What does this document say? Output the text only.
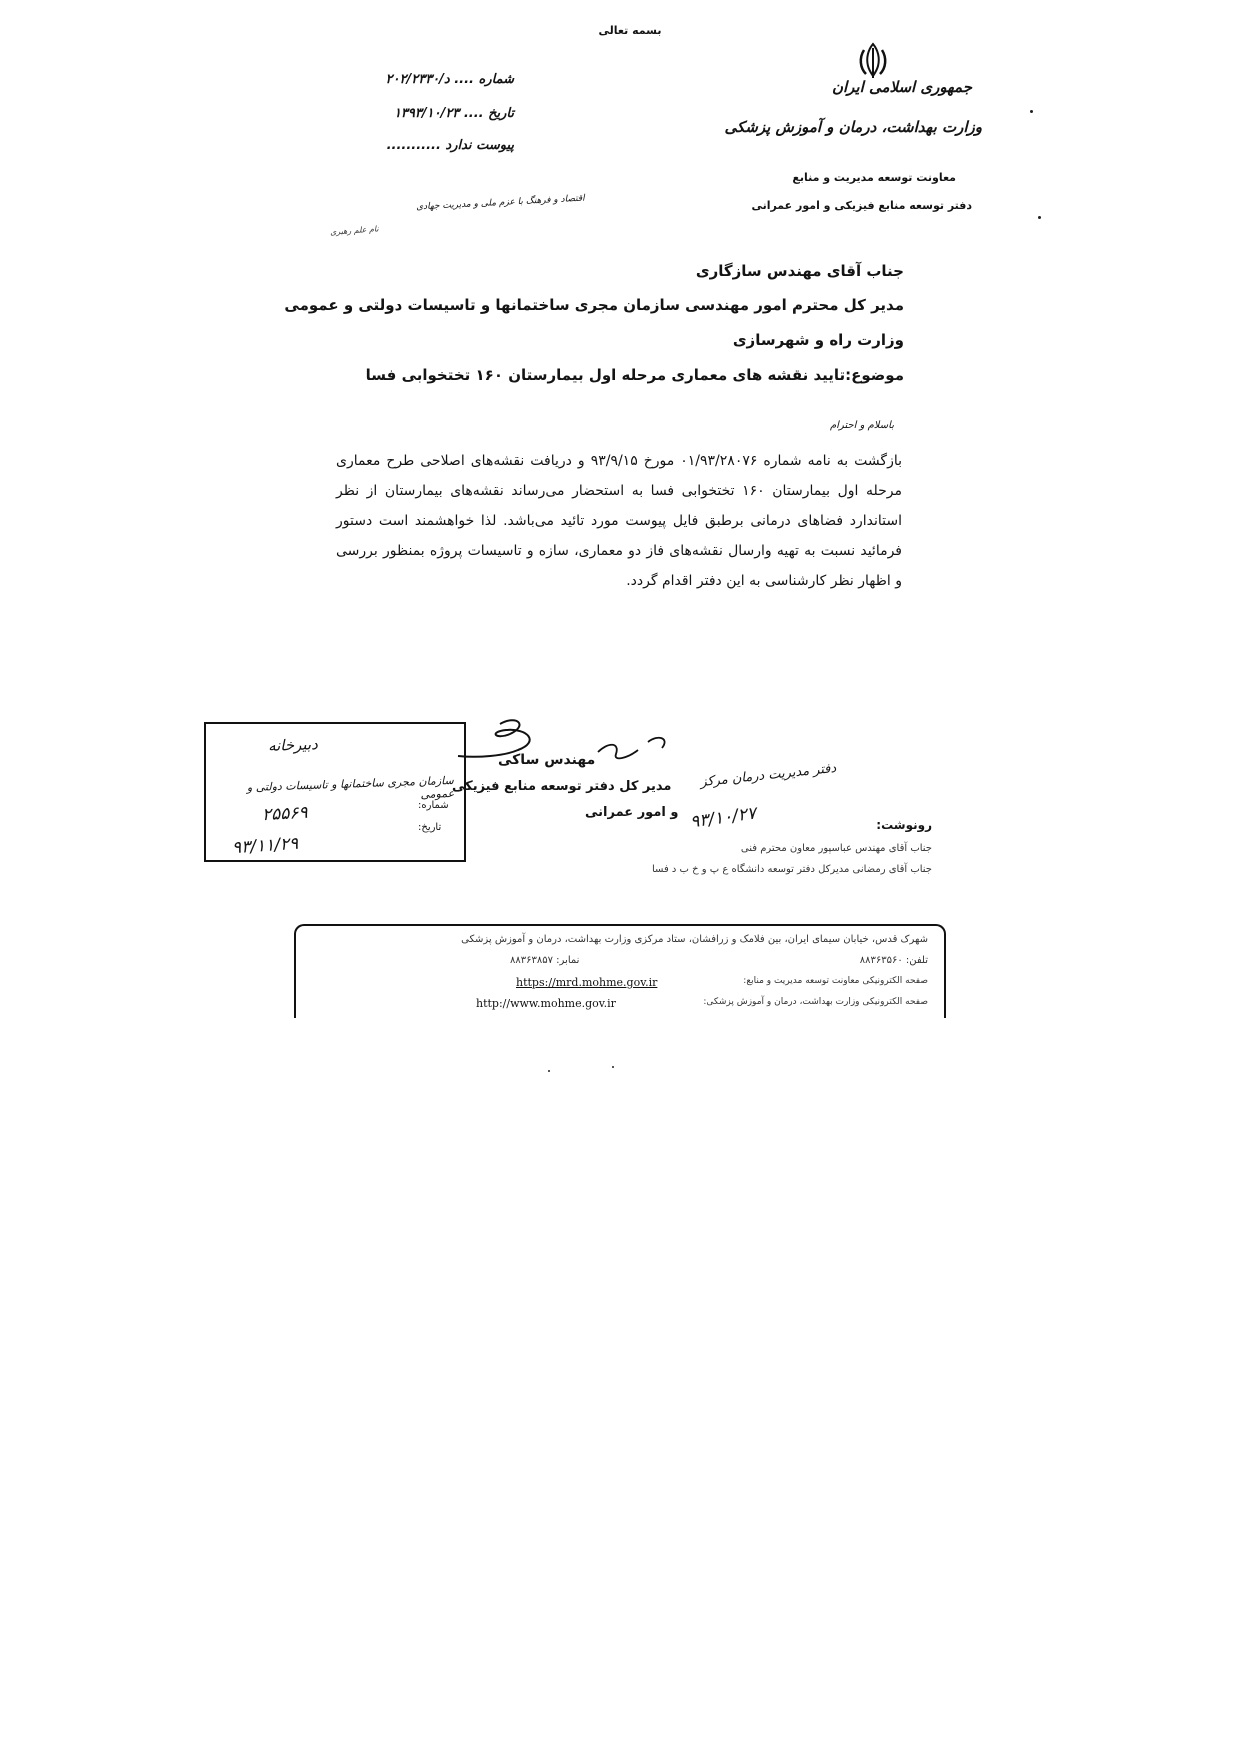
بسمه تعالی
جمهوری اسلامی ایران
وزارت بهداشت، درمان و آموزش پزشکی
معاونت توسعه مدیریت و منابع
دفتر توسعه منابع فیزیکی و امور عمرانی
شماره .... د/۲۰۲/۲۳۳۰
تاریخ .... ۱۳۹۳/۱۰/۲۳
پیوست ندارد ...........
اقتصاد و فرهنگ با عزم ملی و مدیریت جهادی
نام علم رهبری
جناب آقای مهندس سازگاری
مدیر کل محترم امور مهندسی سازمان مجری ساختمانها و تاسیسات دولتی و عمومی
وزارت راه و شهرسازی
موضوع:تایید نقشه های معماری مرحله اول بیمارستان ۱۶۰ تختخوابی فسا
باسلام و احترام
بازگشت به نامه شماره ۰۱/۹۳/۲۸۰۷۶ مورخ ۹۳/۹/۱۵ و دریافت نقشه‌های اصلاحی طرح معماری مرحله اول بیمارستان ۱۶۰ تختخوابی فسا به استحضار می‌رساند نقشه‌های بیمارستان از نظر استاندارد فضاهای درمانی برطبق فایل پیوست مورد تائید می‌باشد. لذا خواهشمند است دستور فرمائید نسبت به تهیه وارسال نقشه‌های فاز دو معماری، سازه و تاسیسات پروژه بمنظور بررسی و اظهار نظر کارشناسی به این دفتر اقدام گردد.
دبیرخانه
سازمان مجری ساختمانها و تاسیسات دولتی و عمومی
شماره:
تاریخ:
۲۵۵۶۹
۹۳/۱۱/۲۹
مهندس ساکی
مدیر کل دفتر توسعه منابع فیزیکی
و امور عمرانی
دفتر مدیریت درمان مرکز
۹۳/۱۰/۲۷	رونوشت:
جناب آقای مهندس عباسپور معاون محترم فنی
جناب آقای رمضانی مدیرکل دفتر توسعه دانشگاه ع پ و خ ب د فسا
شهرک قدس، خیابان سیمای ایران، بین فلامک و زرافشان، ستاد مرکزی وزارت بهداشت، درمان و آموزش پزشکی
تلفن: ۸۸۳۶۳۵۶۰
نمابر: ۸۸۳۶۳۸۵۷
صفحه الکترونیکی معاونت توسعه مدیریت و منابع:
https://mrd.mohme.gov.ir
صفحه الکترونیکی وزارت بهداشت، درمان و آموزش پزشکی:
http://www.mohme.gov.ir
